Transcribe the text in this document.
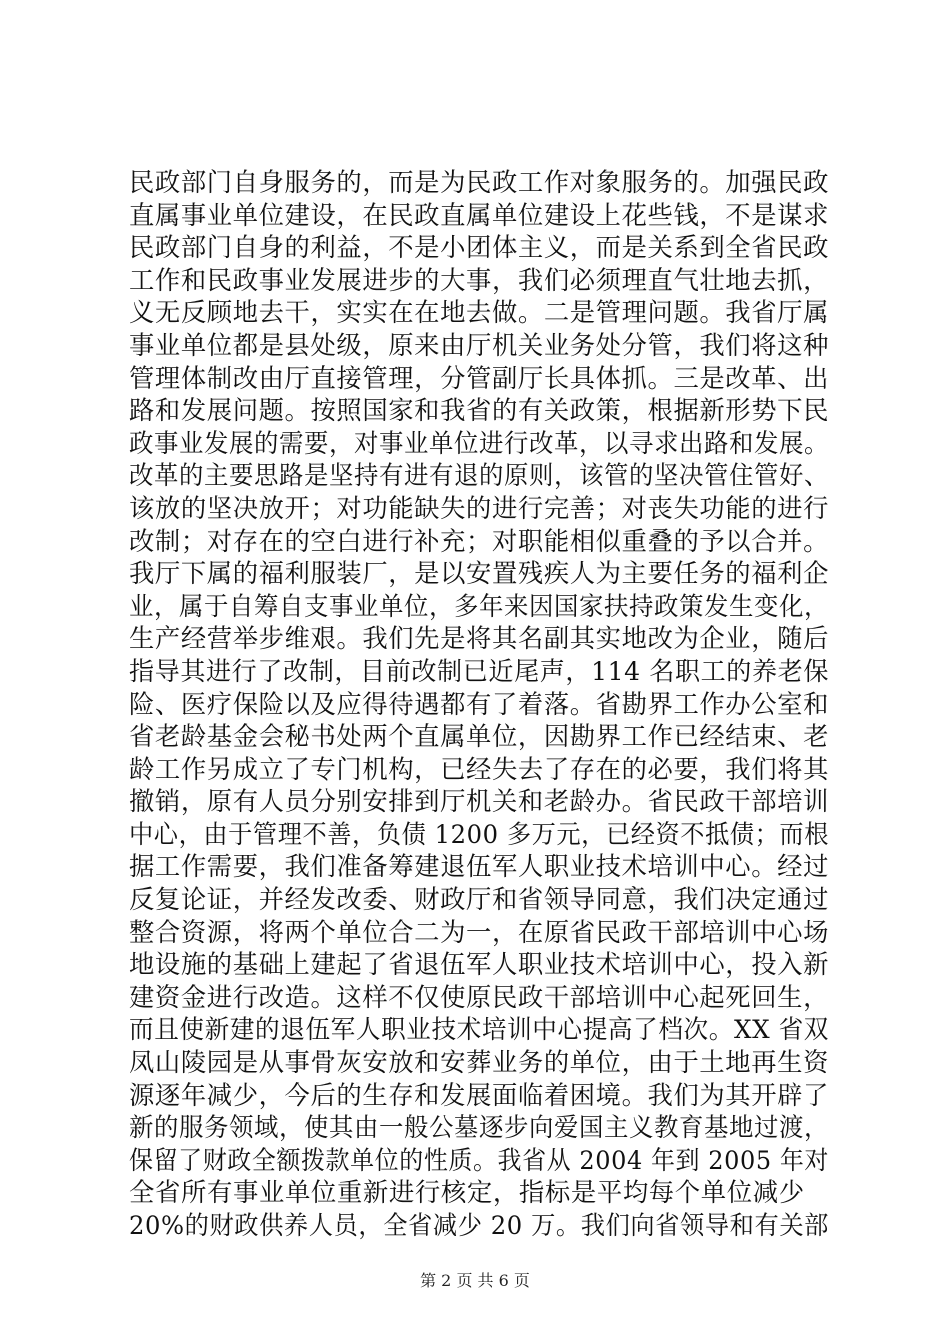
民政部门自身服务的，而是为民政工作对象服务的。加强民政
直属事业单位建设，在民政直属单位建设上花些钱，不是谋求
民政部门自身的利益，不是小团体主义，而是关系到全省民政
工作和民政事业发展进步的大事，我们必须理直气壮地去抓，
义无反顾地去干，实实在在地去做。二是管理问题。我省厅属
事业单位都是县处级，原来由厅机关业务处分管，我们将这种
管理体制改由厅直接管理，分管副厅长具体抓。三是改革、出
路和发展问题。按照国家和我省的有关政策，根据新形势下民
政事业发展的需要，对事业单位进行改革，以寻求出路和发展。
改革的主要思路是坚持有进有退的原则，该管的坚决管住管好、
该放的坚决放开；对功能缺失的进行完善；对丧失功能的进行
改制；对存在的空白进行补充；对职能相似重叠的予以合并。
我厅下属的福利服装厂，是以安置残疾人为主要任务的福利企
业，属于自筹自支事业单位，多年来因国家扶持政策发生变化，
生产经营举步维艰。我们先是将其名副其实地改为企业，随后
指导其进行了改制，目前改制已近尾声，114 名职工的养老保
险、医疗保险以及应得待遇都有了着落。省勘界工作办公室和
省老龄基金会秘书处两个直属单位，因勘界工作已经结束、老
龄工作另成立了专门机构，已经失去了存在的必要，我们将其
撤销，原有人员分别安排到厅机关和老龄办。省民政干部培训
中心，由于管理不善，负债 1200 多万元，已经资不抵债；而根
据工作需要，我们准备筹建退伍军人职业技术培训中心。经过
反复论证，并经发改委、财政厅和省领导同意，我们决定通过
整合资源，将两个单位合二为一，在原省民政干部培训中心场
地设施的基础上建起了省退伍军人职业技术培训中心，投入新
建资金进行改造。这样不仅使原民政干部培训中心起死回生，
而且使新建的退伍军人职业技术培训中心提高了档次。XX 省双
凤山陵园是从事骨灰安放和安葬业务的单位，由于土地再生资
源逐年减少，今后的生存和发展面临着困境。我们为其开辟了
新的服务领域，使其由一般公墓逐步向爱国主义教育基地过渡，
保留了财政全额拨款单位的性质。我省从 2004 年到 2005 年对
全省所有事业单位重新进行核定，指标是平均每个单位减少
20%的财政供养人员，全省减少 20 万。我们向省领导和有关部
第 2 页 共 6 页
